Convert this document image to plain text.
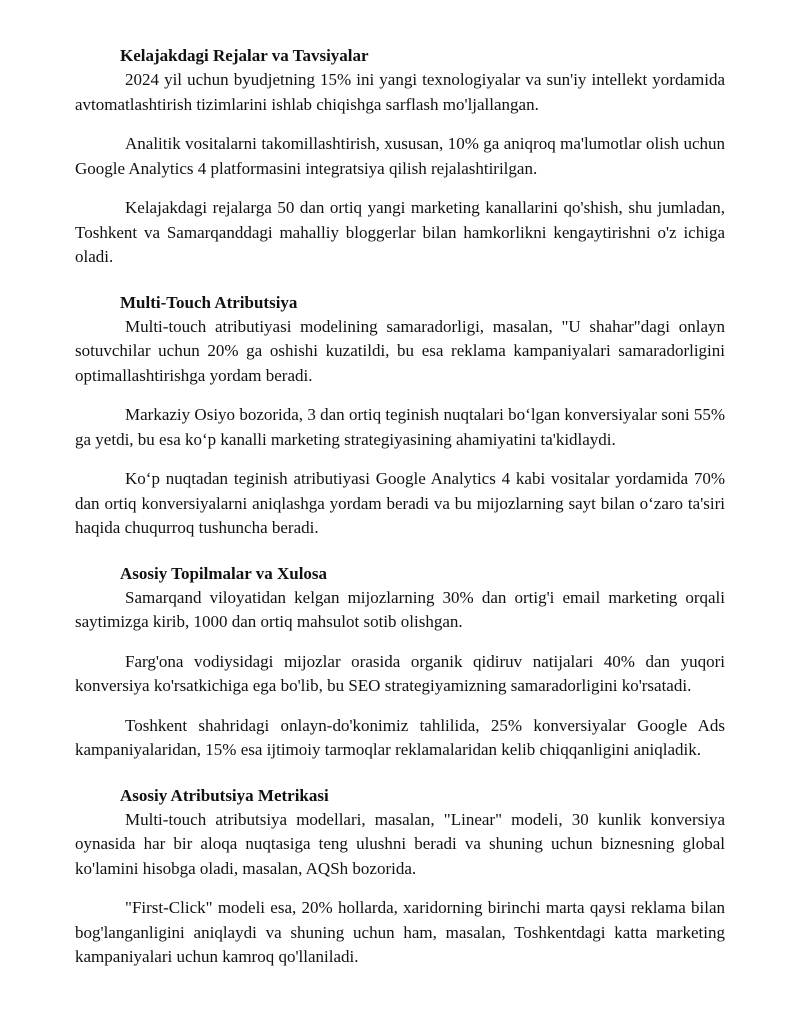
Kelajakdagi Rejalar va Tavsiyalar

2024 yil uchun byudjetning 15% ini yangi texnologiyalar va sun'iy intellekt yordamida avtomatlashtirish tizimlarini ishlab chiqishga sarflash mo'ljallangan.

Analitik vositalarni takomillashtirish, xususan, 10% ga aniqroq ma'lumotlar olish uchun Google Analytics 4 platformasini integratsiya qilish rejalashtirilgan.

Kelajakdagi rejalarga 50 dan ortiq yangi marketing kanallarini qo'shish, shu jumladan, Toshkent va Samarqanddagi mahalliy bloggerlar bilan hamkorlikni kengaytirishni o'z ichiga oladi.

Multi-Touch Atributsiya

Multi-touch atributiyasi modelining samaradorligi, masalan, "U shahar"dagi onlayn sotuvchilar uchun 20% ga oshishi kuzatildi, bu esa reklama kampaniyalari samaradorligini optimallashtirishga yordam beradi.

Markaziy Osiyo bozorida, 3 dan ortiq teginish nuqtalari bo‘lgan konversiyalar soni 55% ga yetdi, bu esa ko‘p kanalli marketing strategiyasining ahamiyatini ta'kidlaydi.

Ko‘p nuqtadan teginish atributiyasi Google Analytics 4 kabi vositalar yordamida 70% dan ortiq konversiyalarni aniqlashga yordam beradi va bu mijozlarning sayt bilan o‘zaro ta'siri haqida chuqurroq tushuncha beradi.

Asosiy Topilmalar va Xulosa

Samarqand viloyatidan kelgan mijozlarning 30% dan ortig'i email marketing orqali saytimizga kirib, 1000 dan ortiq mahsulot sotib olishgan.

Farg'ona vodiysidagi mijozlar orasida organik qidiruv natijalari 40% dan yuqori konversiya ko'rsatkichiga ega bo'lib, bu SEO strategiyamizning samaradorligini ko'rsatadi.

Toshkent shahridagi onlayn-do'konimiz tahlilida, 25% konversiyalar Google Ads kampaniyalaridan, 15% esa ijtimoiy tarmoqlar reklamalaridan kelib chiqqanligini aniqladik.

Asosiy Atributsiya Metrikasi

Multi-touch atributsiya modellari, masalan, "Linear" modeli, 30 kunlik konversiya oynasida har bir aloqa nuqtasiga teng ulushni beradi va shuning uchun biznesning global ko'lamini hisobga oladi, masalan, AQSh bozorida.

"First-Click" modeli esa, 20% hollarda, xaridorning birinchi marta qaysi reklama bilan bog'langanligini aniqlaydi va shuning uchun ham, masalan, Toshkentdagi katta marketing kampaniyalari uchun kamroq qo'llaniladi.
